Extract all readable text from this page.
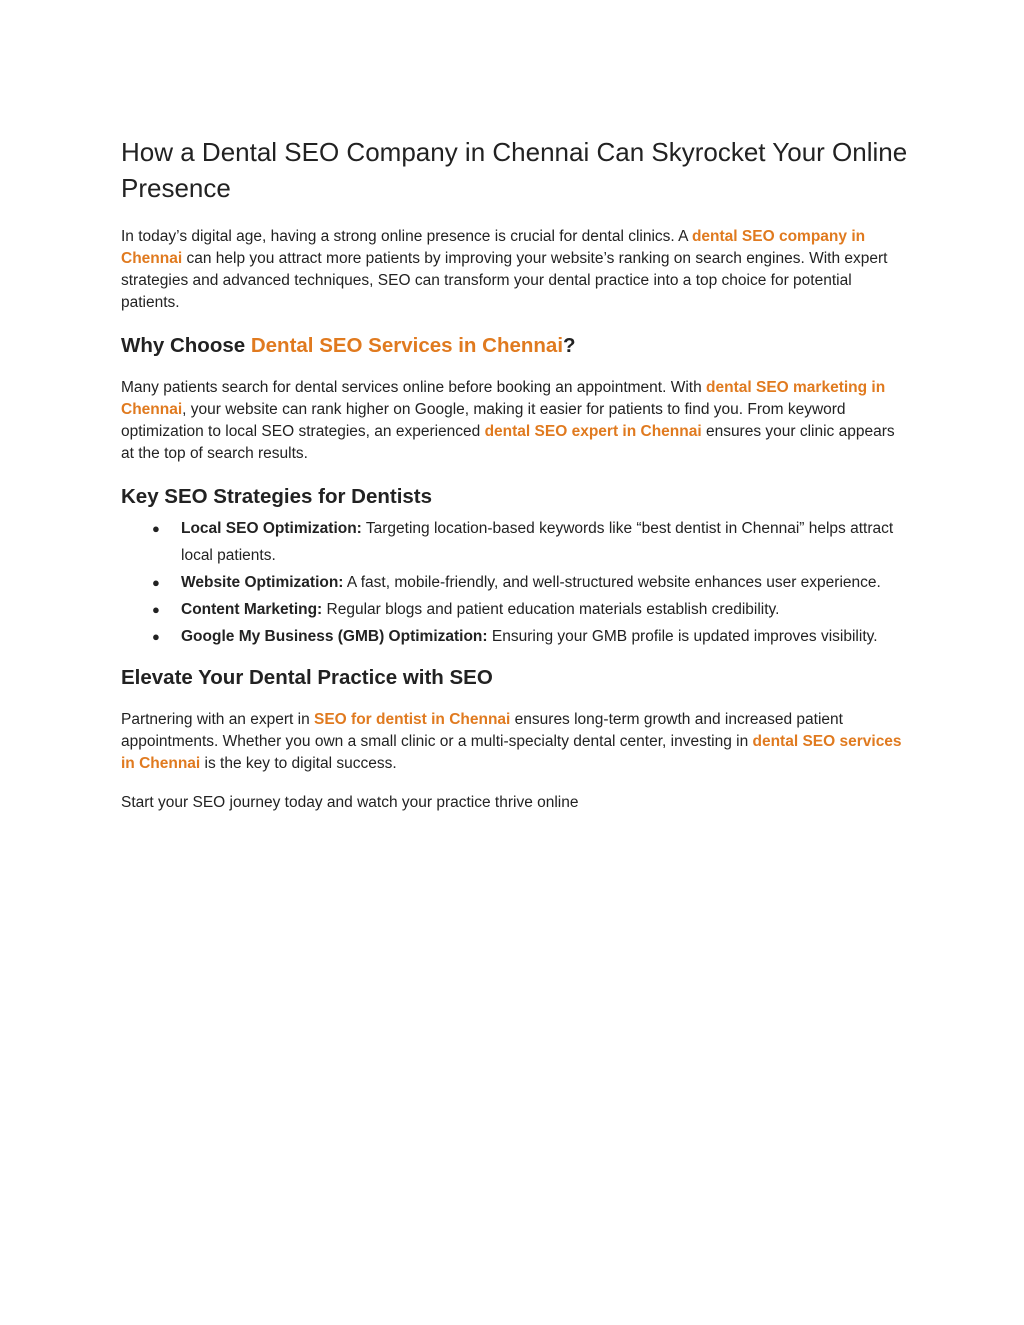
How a Dental SEO Company in Chennai Can Skyrocket Your Online Presence

In today’s digital age, having a strong online presence is crucial for dental clinics. A dental SEO company in Chennai can help you attract more patients by improving your website’s ranking on search engines. With expert strategies and advanced techniques, SEO can transform your dental practice into a top choice for potential patients.

Why Choose Dental SEO Services in Chennai?

Many patients search for dental services online before booking an appointment. With dental SEO marketing in Chennai, your website can rank higher on Google, making it easier for patients to find you. From keyword optimization to local SEO strategies, an experienced dental SEO expert in Chennai ensures your clinic appears at the top of search results.

Key SEO Strategies for Dentists
● Local SEO Optimization: Targeting location-based keywords like “best dentist in Chennai” helps attract local patients.
● Website Optimization: A fast, mobile-friendly, and well-structured website enhances user experience.
● Content Marketing: Regular blogs and patient education materials establish credibility.
● Google My Business (GMB) Optimization: Ensuring your GMB profile is updated improves visibility.
Elevate Your Dental Practice with SEO

Partnering with an expert in SEO for dentist in Chennai ensures long-term growth and increased patient appointments. Whether you own a small clinic or a multi-specialty dental center, investing in dental SEO services in Chennai is the key to digital success.

Start your SEO journey today and watch your practice thrive online
